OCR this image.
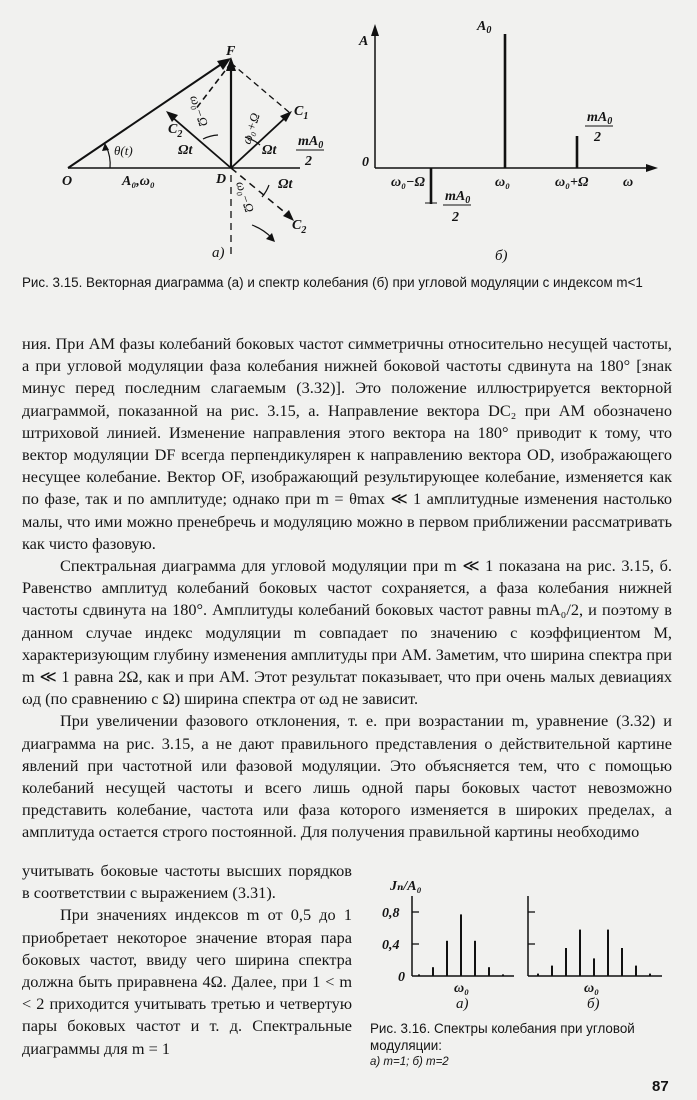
F
O	D
$C_1$
$C_2$
$C_2$
θ(t)
A₀,ω₀
Ωt	Ωt
Ωt
ω₀−Ω
ω₀+Ω
ω₀−Ω
$mA_0$
2
а)
A
$A_0$
0
ω₀−Ω	ω₀	ω₀+Ω ω
$mA_0$
2
$mA_0$
2
б)
Рис. 3.15. Векторная диаграмма (а) и спектр колебания (б) при угловой модуляции с индексом m<1

ния. При АМ фазы колебаний боковых частот симметричны относительно несущей частоты, а при угловой модуляции фаза колебания нижней боковой частоты сдвинута на 180° [знак минус перед последним слагаемым (3.32)]. Это положение иллюстрируется векторной диаграммой, показанной на рис. 3.15, а. Направление вектора DC₂ при АМ обозначено штриховой линией. Изменение направления этого вектора на 180° приводит к тому, что вектор модуляции DF всегда перпендикулярен к направлению вектора OD, изображающего несущее колебание. Вектор OF, изображающий результирующее колебание, изменяется как по фазе, так и по амплитуде; однако при m = θmax ≪ 1 амплитудные изменения настолько малы, что ими можно пренебречь и модуляцию можно в первом приближении рассматривать как чисто фазовую.

Спектральная диаграмма для угловой модуляции при m ≪ 1 показана на рис. 3.15, б. Равенство амплитуд колебаний боковых частот сохраняется, а фаза колебания нижней частоты сдвинута на 180°. Амплитуды колебаний боковых частот равны mA₀/2, и поэтому в данном случае индекс модуляции m совпадает по значению с коэффициентом M, характеризующим глубину изменения амплитуды при АМ. Заметим, что ширина спектра при m ≪ 1 равна 2Ω, как и при АМ. Этот результат показывает, что при очень малых девиациях ωд (по сравнению с Ω) ширина спектра от ωд не зависит.

При увеличении фазового отклонения, т. е. при возрастании m, уравнение (3.32) и диаграмма на рис. 3.15, а не дают правильного представления о действительной картине явлений при частотной или фазовой модуляции. Это объясняется тем, что с помощью колебаний несущей частоты и всего лишь одной пары боковых частот невозможно представить колебание, частота или фаза которого изменяется в широких пределах, а амплитуда остается строго постоянной. Для получения правильной картины необходимо

учитывать боковые частоты высших порядков в соответствии с выражением (3.31).

При значениях индексов m от 0,5 до 1 приобретает некоторое значение вторая пара боковых частот, ввиду чего ширина спектра должна быть приравнена 4Ω. Далее, при 1 < m < 2 приходится учитывать третью и четвертую пары боковых частот и т. д. Спектральные диаграммы для m = 1

Jₙ/A₀
0,8
0,4
0
ω₀	ω₀
а)	б)
Рис. 3.16. Спектры колебания при угловой модуляции:
а) m=1; б) m=2
87
